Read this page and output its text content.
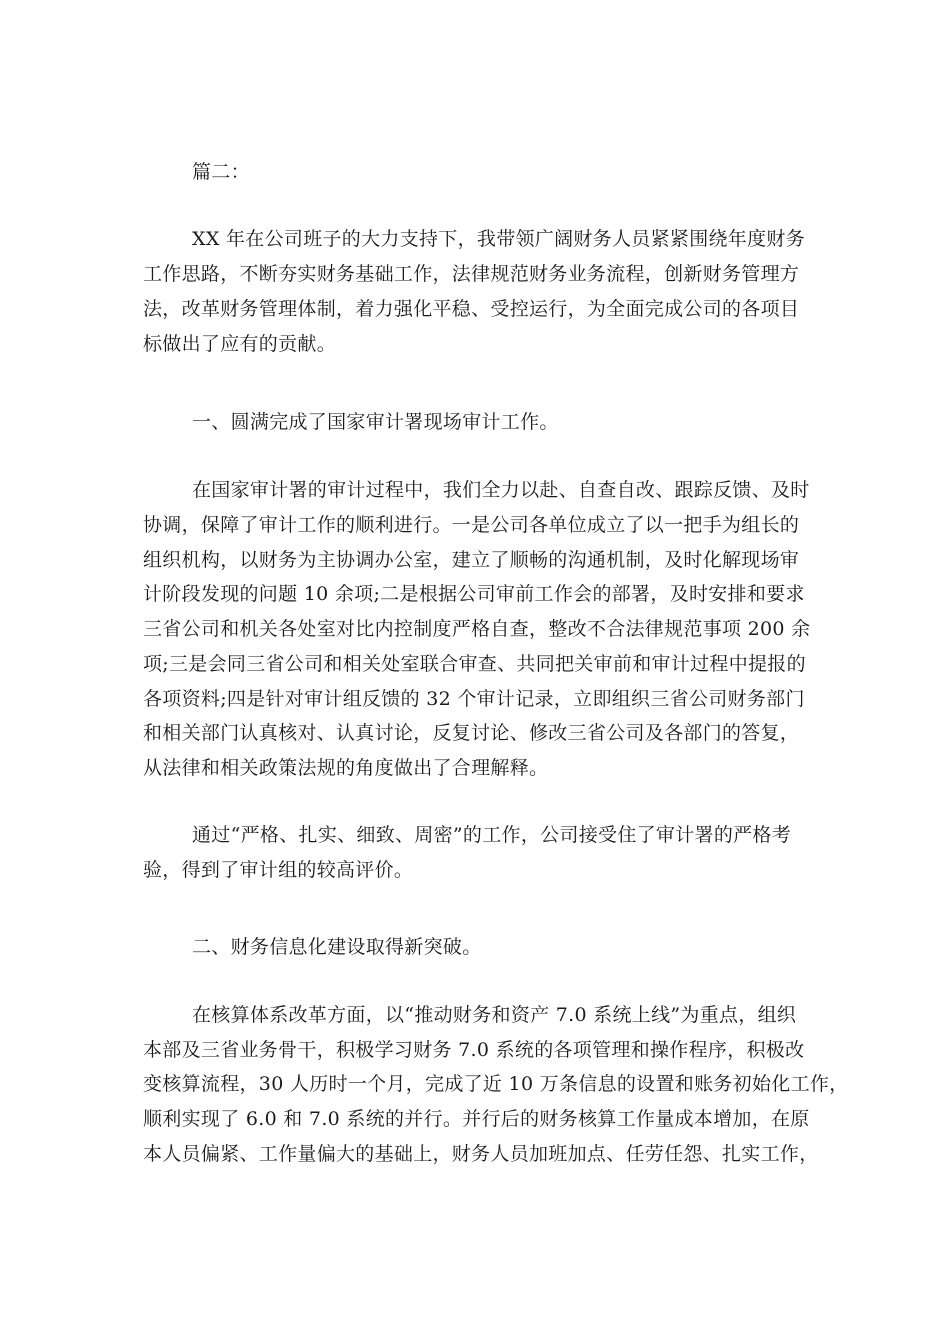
篇二：
XX 年在公司班子的大力支持下，我带领广阔财务人员紧紧围绕年度财务
工作思路，不断夯实财务基础工作，法律规范财务业务流程，创新财务管理方
法，改革财务管理体制，着力强化平稳、受控运行，为全面完成公司的各项目
标做出了应有的贡献。
一、圆满完成了国家审计署现场审计工作。
在国家审计署的审计过程中，我们全力以赴、自查自改、跟踪反馈、及时
协调，保障了审计工作的顺利进行。一是公司各单位成立了以一把手为组长的
组织机构，以财务为主协调办公室，建立了顺畅的沟通机制，及时化解现场审
计阶段发现的问题 10 余项;二是根据公司审前工作会的部署，及时安排和要求
三省公司和机关各处室对比内控制度严格自查，整改不合法律规范事项 200 余
项;三是会同三省公司和相关处室联合审查、共同把关审前和审计过程中提报的
各项资料;四是针对审计组反馈的 32 个审计记录，立即组织三省公司财务部门
和相关部门认真核对、认真讨论，反复讨论、修改三省公司及各部门的答复，
从法律和相关政策法规的角度做出了合理解释。
通过“严格、扎实、细致、周密”的工作，公司接受住了审计署的严格考
验，得到了审计组的较高评价。
二、财务信息化建设取得新突破。
在核算体系改革方面，以“推动财务和资产 7.0 系统上线”为重点，组织
本部及三省业务骨干，积极学习财务 7.0 系统的各项管理和操作程序，积极改
变核算流程，30 人历时一个月，完成了近 10 万条信息的设置和账务初始化工作，
顺利实现了 6.0 和 7.0 系统的并行。并行后的财务核算工作量成本增加，在原
本人员偏紧、工作量偏大的基础上，财务人员加班加点、任劳任怨、扎实工作，
